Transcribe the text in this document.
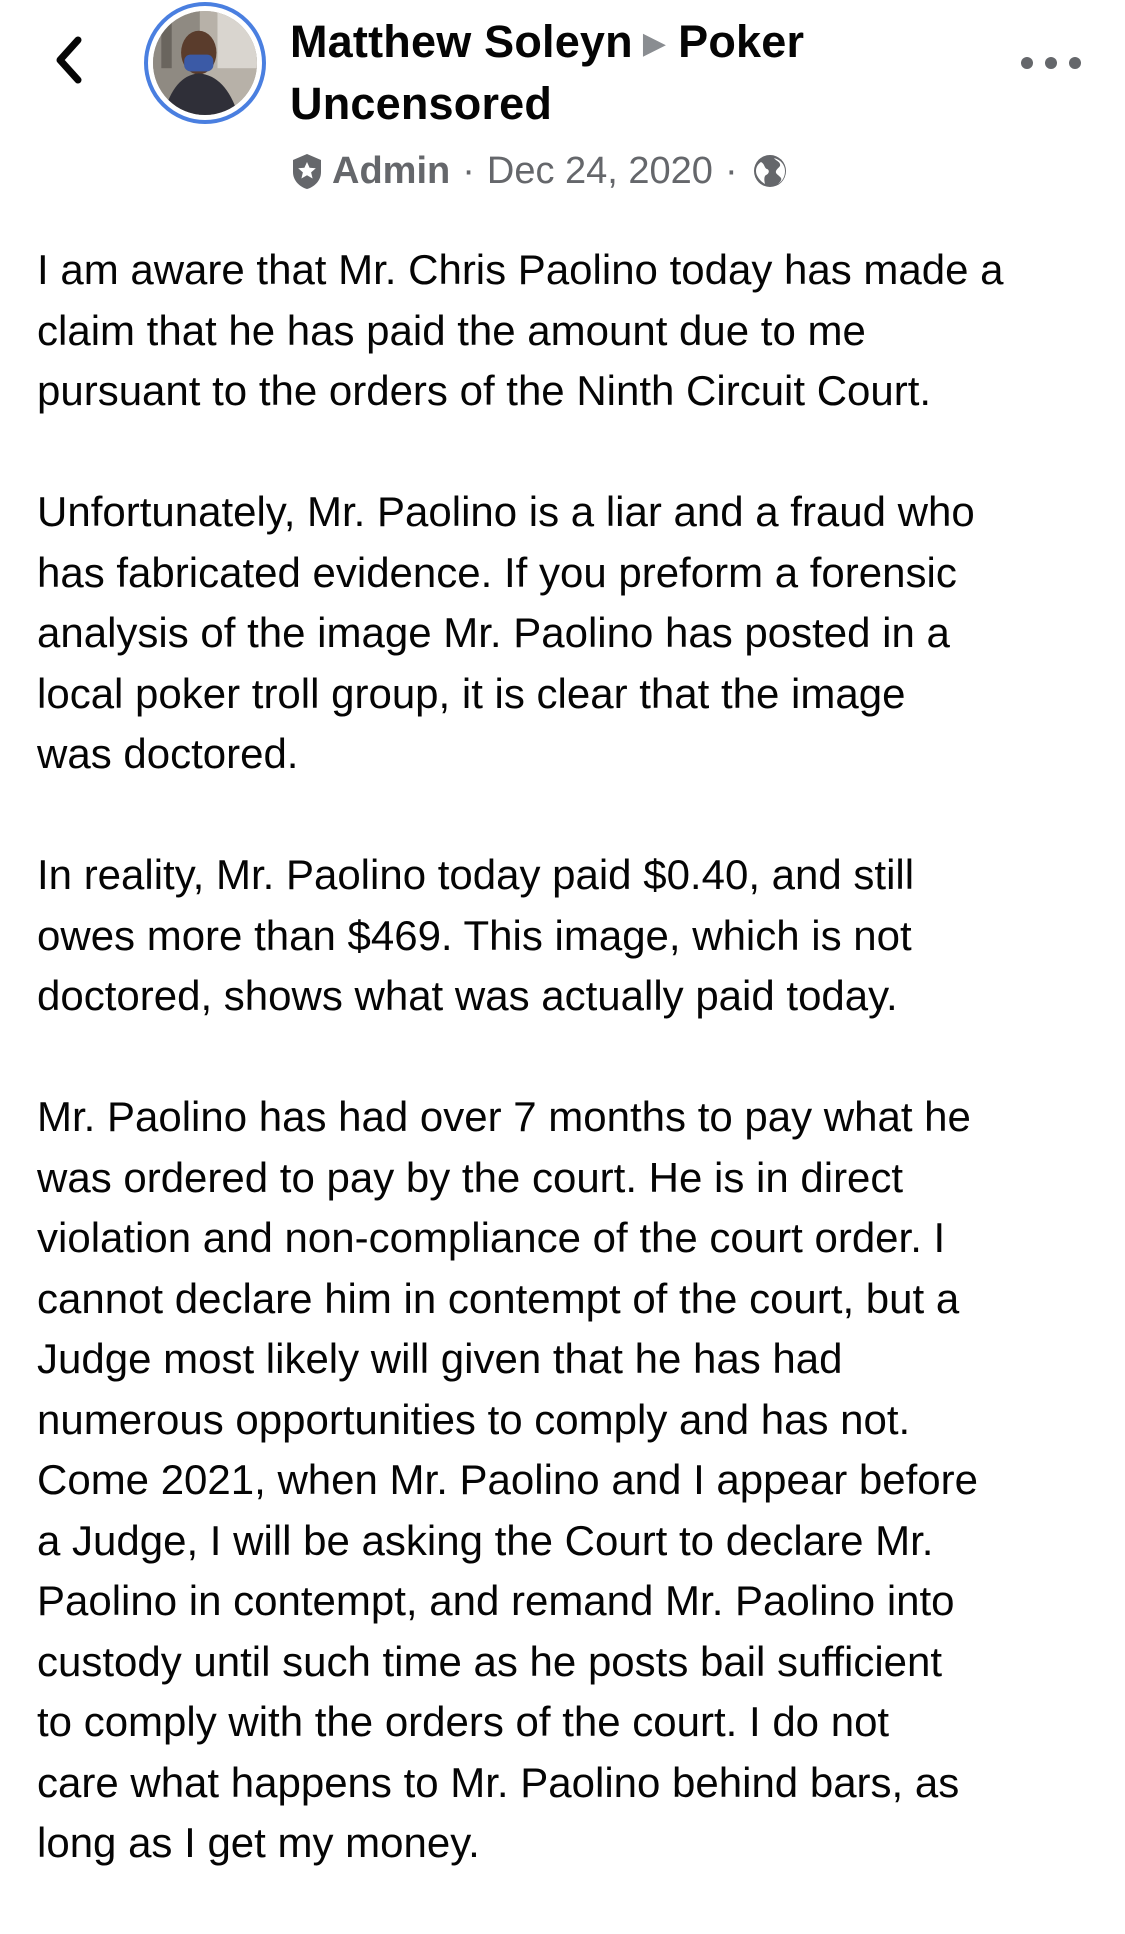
Matthew Soleyn ▶ Poker
Uncensored
Admin · Dec 24, 2020 ·

I am aware that Mr. Chris Paolino today has made a
claim that he has paid the amount due to me
pursuant to the orders of the Ninth Circuit Court.

Unfortunately, Mr. Paolino is a liar and a fraud who
has fabricated evidence. If you preform a forensic
analysis of the image Mr. Paolino has posted in a
local poker troll group, it is clear that the image
was doctored.

In reality, Mr. Paolino today paid $0.40, and still
owes more than $469. This image, which is not
doctored, shows what was actually paid today.

Mr. Paolino has had over 7 months to pay what he
was ordered to pay by the court. He is in direct
violation and non-compliance of the court order. I
cannot declare him in contempt of the court, but a
Judge most likely will given that he has had
numerous opportunities to comply and has not.
Come 2021, when Mr. Paolino and I appear before
a Judge, I will be asking the Court to declare Mr.
Paolino in contempt, and remand Mr. Paolino into
custody until such time as he posts bail sufficient
to comply with the orders of the court. I do not
care what happens to Mr. Paolino behind bars, as
long as I get my money.
